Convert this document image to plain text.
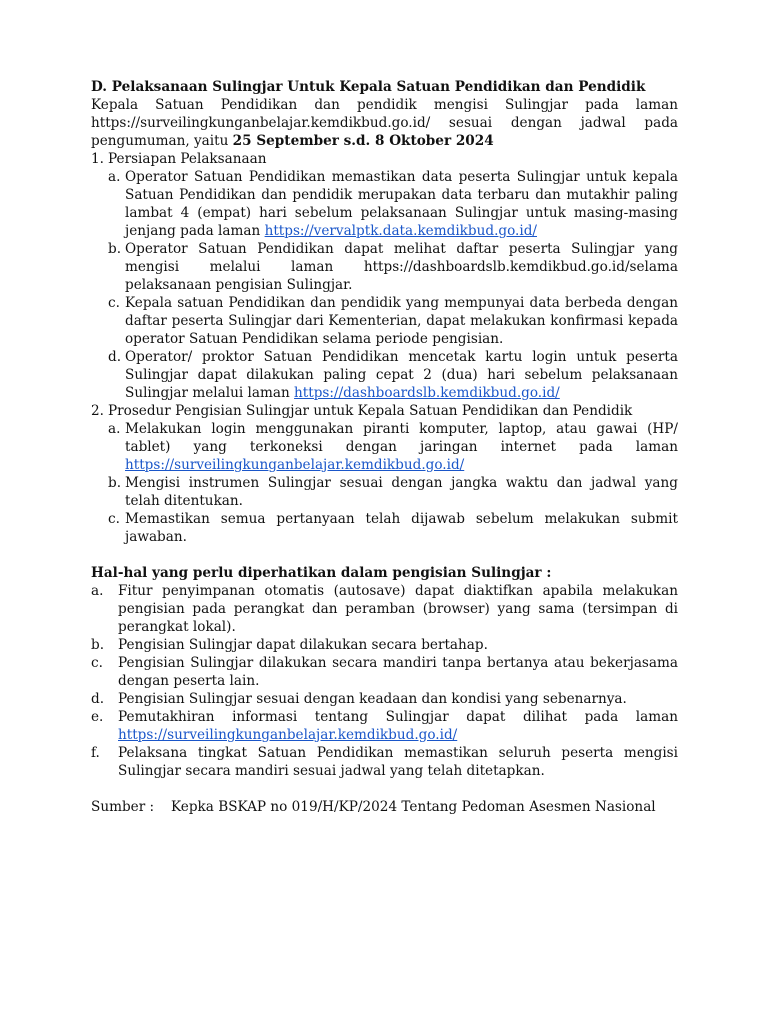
D. Pelaksanaan Sulingjar Untuk Kepala Satuan Pendidikan dan Pendidik
Kepala Satuan Pendidikan dan pendidik mengisi Sulingjar pada laman https://surveilingkunganbelajar.kemdikbud.go.id/ sesuai dengan jadwal pada pengumuman, yaitu 25 September s.d. 8 Oktober 2024
1. Persiapan Pelaksanaan
a. Operator Satuan Pendidikan memastikan data peserta Sulingjar untuk kepala Satuan Pendidikan dan pendidik merupakan data terbaru dan mutakhir paling lambat 4 (empat) hari sebelum pelaksanaan Sulingjar untuk masing-masing jenjang pada laman https://vervalptk.data.kemdikbud.go.id/
b. Operator Satuan Pendidikan dapat melihat daftar peserta Sulingjar yang mengisi melalui laman https://dashboardslb.kemdikbud.go.id/selama pelaksanaan pengisian Sulingjar.
c. Kepala satuan Pendidikan dan pendidik yang mempunyai data berbeda dengan daftar peserta Sulingjar dari Kementerian, dapat melakukan konfirmasi kepada operator Satuan Pendidikan selama periode pengisian.
d. Operator/ proktor Satuan Pendidikan mencetak kartu login untuk peserta Sulingjar dapat dilakukan paling cepat 2 (dua) hari sebelum pelaksanaan Sulingjar melalui laman https://dashboardslb.kemdikbud.go.id/
2. Prosedur Pengisian Sulingjar untuk Kepala Satuan Pendidikan dan Pendidik
a. Melakukan login menggunakan piranti komputer, laptop, atau gawai (HP/ tablet) yang terkoneksi dengan jaringan internet pada laman https://surveilingkunganbelajar.kemdikbud.go.id/
b. Mengisi instrumen Sulingjar sesuai dengan jangka waktu dan jadwal yang telah ditentukan.
c. Memastikan semua pertanyaan telah dijawab sebelum melakukan submit jawaban.
Hal-hal yang perlu diperhatikan dalam pengisian Sulingjar :
a. Fitur penyimpanan otomatis (autosave) dapat diaktifkan apabila melakukan pengisian pada perangkat dan peramban (browser) yang sama (tersimpan di perangkat lokal).
b. Pengisian Sulingjar dapat dilakukan secara bertahap.
c. Pengisian Sulingjar dilakukan secara mandiri tanpa bertanya atau bekerjasama dengan peserta lain.
d. Pengisian Sulingjar sesuai dengan keadaan dan kondisi yang sebenarnya.
e. Pemutakhiran informasi tentang Sulingjar dapat dilihat pada laman https://surveilingkunganbelajar.kemdikbud.go.id/
f. Pelaksana tingkat Satuan Pendidikan memastikan seluruh peserta mengisi Sulingjar secara mandiri sesuai jadwal yang telah ditetapkan.
Sumber : Kepka BSKAP no 019/H/KP/2024 Tentang Pedoman Asesmen Nasional
